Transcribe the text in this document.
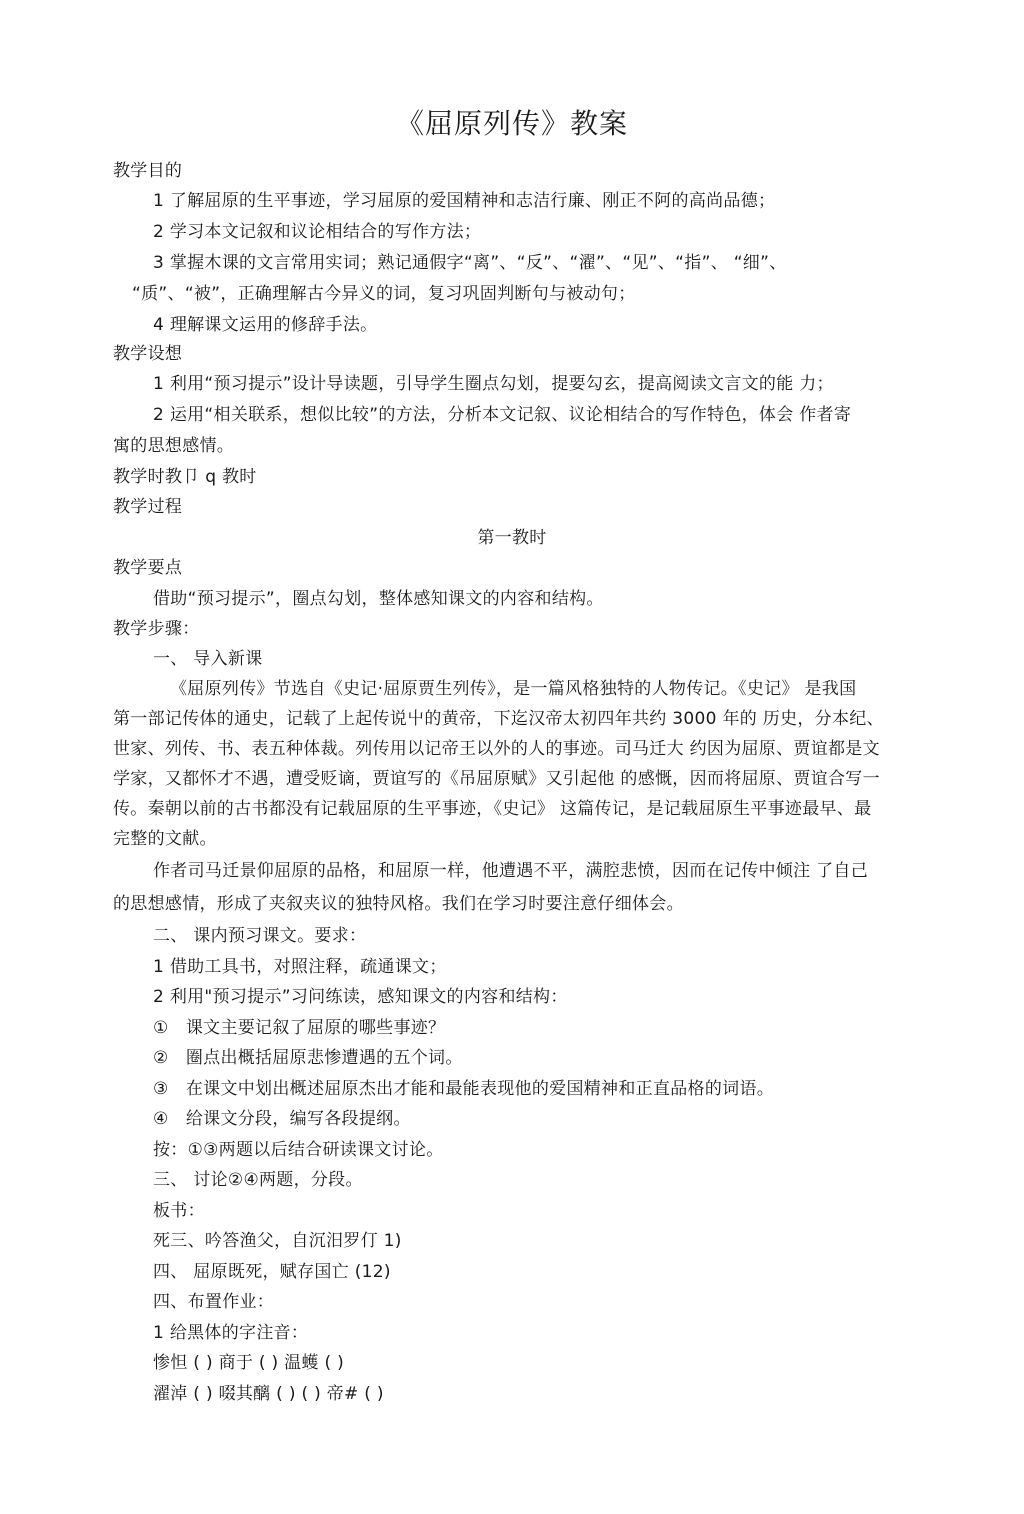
《屈原列传》教案
教学目的
1 了解屈原的生平事迹，学习屈原的爱国精神和志洁行廉、刚正不阿的高尚品德；
2 学习本文记叙和议论相结合的写作方法；
3 掌握木课的文言常用实词；熟记通假字“离”、“反”、“濯”、“见”、“指”、 “细”、
“质”、“被”，正确理解古今异义的词，复习巩固判断句与被动句；
4 理解课文运用的修辞手法。
教学设想
1 利用“预习提示”设计导读题，引导学生圈点勾划，提要勾玄，提高阅读文言文的能 力；
2 运用“相关联系，想似比较”的方法，分析本文记叙、议论相结合的写作特色，体会 作者寄
寓的思想感情。
教学时教卩 q 教时
教学过程
第一教时
教学要点
借助“预习提示”，圈点勾划，整体感知课文的内容和结构。
教学步骤：
一、 导入新课
《屈原列传》节选自《史记·屈原贾生列传》，是一篇风格独特的人物传记。《史记》 是我国
第一部记传体的通史，记载了上起传说屮的黄帝，下迄汉帝太初四年共约 3000 年的 历史，分本纪、
世家、列传、书、表五种体裁。列传用以记帝王以外的人的事迹。司马迁大 约因为屈原、贾谊都是文
学家，又都怀才不遇，遭受贬谪，贾谊写的《吊屈原赋》又引起他 的感慨，因而将屈原、贾谊合写一
传。秦朝以前的古书都没有记载屈原的生平事迹，《史记》 这篇传记，是记载屈原生平事迹最早、最
完整的文献。
作者司马迁景仰屈原的品格，和屈原一样，他遭遇不平，满腔悲愤，因而在记传中倾注 了自己
的思想感情，形成了夹叙夹议的独特风格。我们在学习时要注意仔细体会。
二、 课内预习课文。要求：
1 借助工具书，对照注释，疏通课文；
2 利用"预习提示”习问练读，感知课文的内容和结构：
①　课文主要记叙了屈原的哪些事迹？
②　圈点出概括屈原悲惨遭遇的五个词。
③　在课文中划出概述屈原杰出才能和最能表现他的爱国精神和正直品格的词语。
④　给课文分段，编写各段提纲。
按：①③两题以后结合研读课文讨论。
三、 讨论②④两题，分段。
板书：
死三、吟答渔父，自沉汨罗仃 1)
四、 屈原既死，赋存国亡 (12)
四、布置作业：
1 给黑体的字注音：
惨怛 ( ) 商于 ( ) 温蠖 ( )
濯淖 ( ) 啜其醨 ( ) ( ) 帝# ( )
